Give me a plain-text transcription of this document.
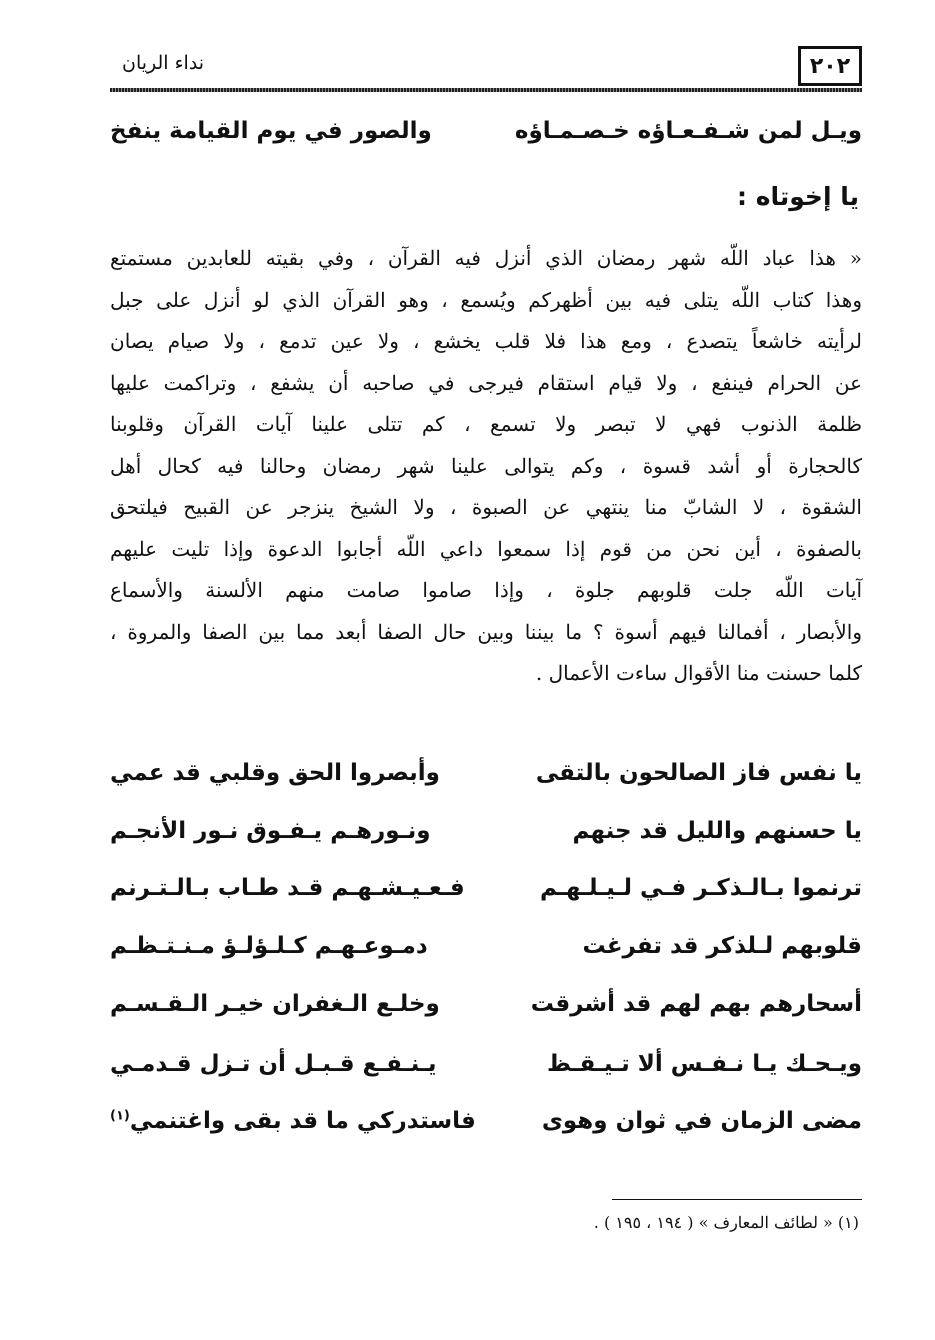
٢٠٢
نداء الريان
ويـل لمن شـفـعـاؤه خـصـمـاؤه
والصور في يوم القيامة ينفخ
يا إخوتاه :
« هذا عباد اللّه شهر رمضان الذي أنزل فيه القرآن ، وفي بقيته للعابدين مستمتع
وهذا كتاب اللّه يتلى فيه بين أظهركم ويُسمع ، وهو القرآن الذي لو أنزل على جبل
لرأيته خاشعاً يتصدع ، ومع هذا فلا قلب يخشع ، ولا عين تدمع ، ولا صيام يصان
عن الحرام فينفع ، ولا قيام استقام فيرجى في صاحبه أن يشفع ، وتراكمت عليها
ظلمة الذنوب فهي لا تبصر ولا تسمع ، كم تتلى علينا آيات القرآن وقلوبنا
كالحجارة أو أشد قسوة ، وكم يتوالى علينا شهر رمضان وحالنا فيه كحال أهل
الشقوة ، لا الشابّ منا ينتهي عن الصبوة ، ولا الشيخ ينزجر عن القبيح فيلتحق
بالصفوة ، أين نحن من قوم إذا سمعوا داعي اللّه أجابوا الدعوة وإذا تليت عليهم
آيات اللّه جلت قلوبهم جلوة ، وإذا صاموا صامت منهم الألسنة والأسماع
والأبصار ، أفمالنا فيهم أسوة ؟ ما بيننا وبين حال الصفا أبعد مما بين الصفا والمروة ،
كلما حسنت منا الأقوال ساءت الأعمال .
يا نفس فاز الصالحون بالتقى
وأبصروا الحق وقلبي قد عمي
يا حسنهم والليل قد جنهم
ونـورهـم يـفـوق نـور الأنجـم
ترنموا بـالـذكـر فـي لـيـلـهـم
فـعـيـشـهـم قـد طـاب بـالـتـرنم
قلوبهم لـلذكر قد تفرغت
دمـوعـهـم كـلـؤلـؤ مـنـتـظـم
أسحارهم بهم لهم قد أشرقت
وخلـع الـغفران خيـر الـقـسـم
ويـحـك يـا نـفـس ألا تـيـقـظ
يـنـفـع قـبـل أن تـزل قـدمـي
مضى الزمان في ثوان وهوى
فاستدركي ما قد بقى واغتنمي$^{(١)}$
(١) « لطائف المعارف » ( ١٩٤ ، ١٩٥ ) .
